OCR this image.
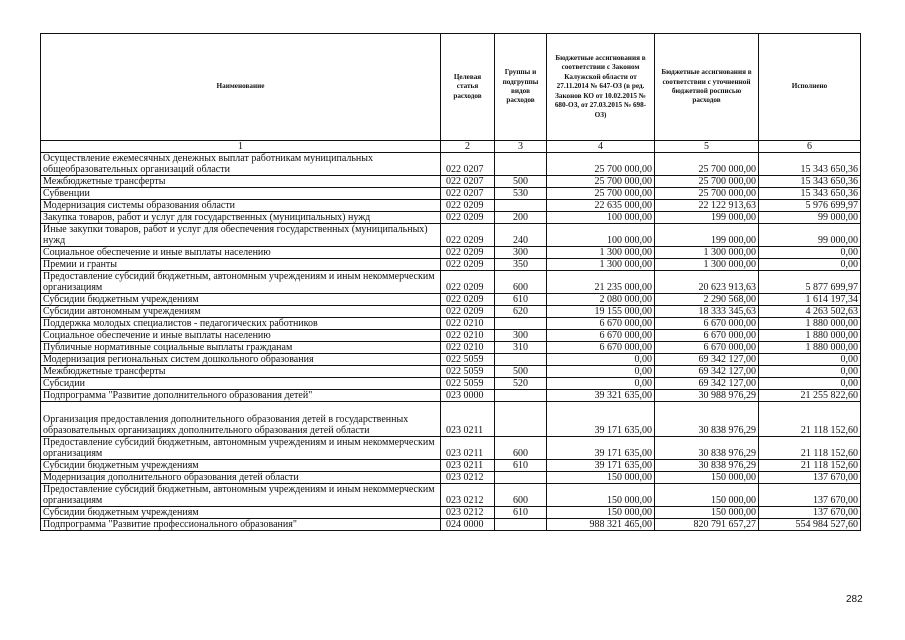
Наименование	Целевая статья расходов	Группы и подгруппы видов расходов	Бюджетные ассигнования в соответствии с Законом Калужской области от 27.11.2014 № 647-ОЗ (в ред. Законов КО от 10.02.2015 № 680-ОЗ, от 27.03.2015 № 698-ОЗ)	Бюджетные ассигнования в соответствии с уточненной бюджетной росписью расходов	Исполнено
1	2	3	4	5	6
Осуществление ежемесячных денежных выплат работникам муниципальных общеобразовательных организаций области	022 0207		25 700 000,00	25 700 000,00	15 343 650,36
Межбюджетные трансферты	022 0207	500	25 700 000,00	25 700 000,00	15 343 650,36
Субвенции	022 0207	530	25 700 000,00	25 700 000,00	15 343 650,36
Модернизация системы образования области	022 0209		22 635 000,00	22 122 913,63	5 976 699,97
Закупка товаров, работ и услуг для государственных (муниципальных) нужд	022 0209	200	100 000,00	199 000,00	99 000,00
Иные закупки товаров, работ и услуг для обеспечения государственных (муниципальных) нужд	022 0209	240	100 000,00	199 000,00	99 000,00
Социальное обеспечение и иные выплаты населению	022 0209	300	1 300 000,00	1 300 000,00	0,00
Премии и гранты	022 0209	350	1 300 000,00	1 300 000,00	0,00
Предоставление субсидий бюджетным, автономным учреждениям и иным некоммерческим организациям	022 0209	600	21 235 000,00	20 623 913,63	5 877 699,97
Субсидии бюджетным учреждениям	022 0209	610	2 080 000,00	2 290 568,00	1 614 197,34
Субсидии автономным учреждениям	022 0209	620	19 155 000,00	18 333 345,63	4 263 502,63
Поддержка молодых специалистов - педагогических работников	022 0210		6 670 000,00	6 670 000,00	1 880 000,00
Социальное обеспечение и иные выплаты населению	022 0210	300	6 670 000,00	6 670 000,00	1 880 000,00
Публичные нормативные социальные выплаты гражданам	022 0210	310	6 670 000,00	6 670 000,00	1 880 000,00
Модернизация региональных систем дошкольного образования	022 5059		0,00	69 342 127,00	0,00
Межбюджетные трансферты	022 5059	500	0,00	69 342 127,00	0,00
Субсидии	022 5059	520	0,00	69 342 127,00	0,00
Подпрограмма "Развитие дополнительного образования детей"	023 0000		39 321 635,00	30 988 976,29	21 255 822,60
Организация предоставления дополнительного образования детей в государственных образовательных организациях дополнительного образования детей области	023 0211		39 171 635,00	30 838 976,29	21 118 152,60
Предоставление субсидий бюджетным, автономным учреждениям и иным некоммерческим организациям	023 0211	600	39 171 635,00	30 838 976,29	21 118 152,60
Субсидии бюджетным учреждениям	023 0211	610	39 171 635,00	30 838 976,29	21 118 152,60
Модернизация дополнительного образования детей области	023 0212		150 000,00	150 000,00	137 670,00
Предоставление субсидий бюджетным, автономным учреждениям и иным некоммерческим организациям	023 0212	600	150 000,00	150 000,00	137 670,00
Субсидии бюджетным учреждениям	023 0212	610	150 000,00	150 000,00	137 670,00
Подпрограмма "Развитие профессионального образования"	024 0000		988 321 465,00	820 791 657,27	554 984 527,60
282
